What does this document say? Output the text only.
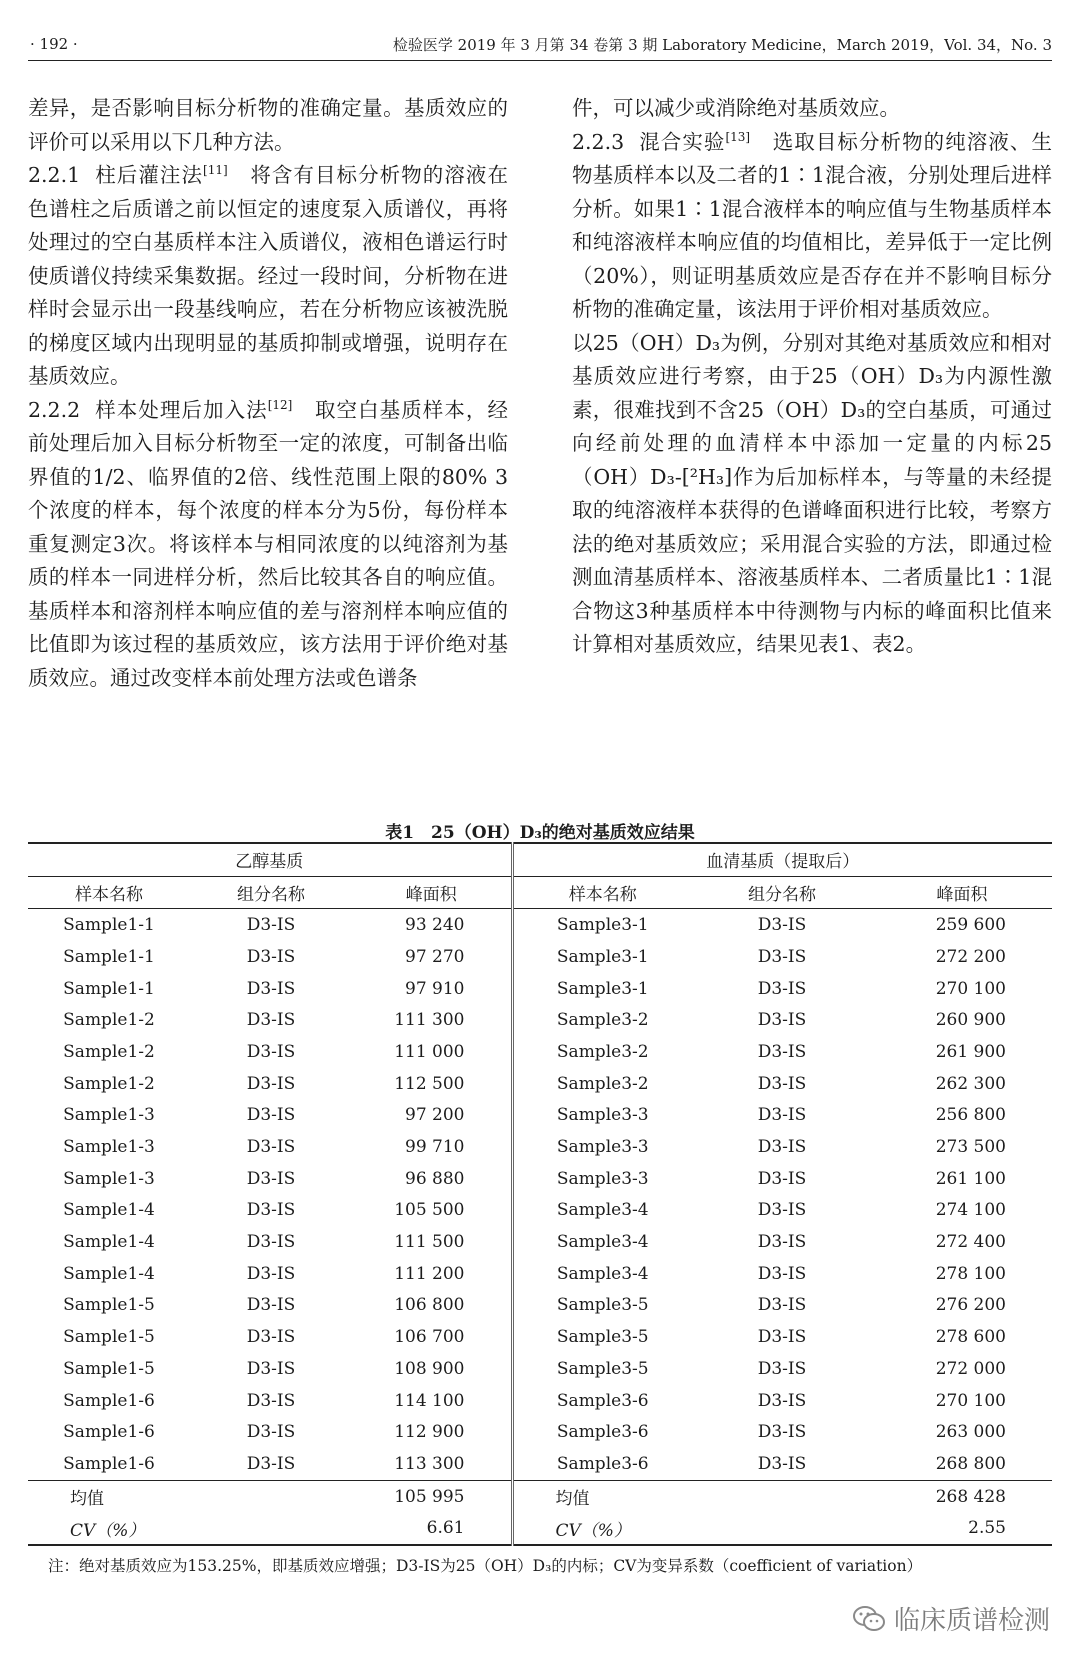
· 192 ·	检验医学 2019 年 3 月第 34 卷第 3 期 Laboratory Medicine，March 2019，Vol. 34，No. 3

差异，是否影响目标分析物的准确定量。基质效应的评价可以采用以下几种方法。

2.2.1 柱后灌注法[11]　 将含有目标分析物的溶液在色谱柱之后质谱之前以恒定的速度泵入质谱仪，再将处理过的空白基质样本注入质谱仪，液相色谱运行时使质谱仪持续采集数据。经过一段时间，分析物在进样时会显示出一段基线响应，若在分析物应该被洗脱的梯度区域内出现明显的基质抑制或增强，说明存在基质效应。

2.2.2 样本处理后加入法[12]　 取空白基质样本，经前处理后加入目标分析物至一定的浓度，可制备出临界值的1/2、临界值的2倍、线性范围上限的80% 3个浓度的样本，每个浓度的样本分为5份，每份样本重复测定3次。将该样本与相同浓度的以纯溶剂为基质的样本一同进样分析，然后比较其各自的响应值。基质样本和溶剂样本响应值的差与溶剂样本响应值的比值即为该过程的基质效应，该方法用于评价绝对基质效应。通过改变样本前处理方法或色谱条

件，可以减少或消除绝对基质效应。

2.2.3 混合实验[13]　 选取目标分析物的纯溶液、生物基质样本以及二者的1∶1混合液，分别处理后进样分析。如果1∶1混合液样本的响应值与生物基质样本和纯溶液样本响应值的均值相比，差异低于一定比例（20%），则证明基质效应是否存在并不影响目标分析物的准确定量，该法用于评价相对基质效应。

以25（OH）D₃为例，分别对其绝对基质效应和相对基质效应进行考察，由于25（OH）D₃为内源性激素，很难找到不含25（OH）D₃的空白基质，可通过向经前处理的血清样本中添加一定量的内标25（OH）D₃-[²H₃]作为后加标样本，与等量的未经提取的纯溶液样本获得的色谱峰面积进行比较，考察方法的绝对基质效应；采用混合实验的方法，即通过检测血清基质样本、溶液基质样本、二者质量比1∶1混合物这3种基质样本中待测物与内标的峰面积比值来计算相对基质效应，结果见表1、表2。

表1　25（OH）D₃的绝对基质效应结果
乙醇基质			血清基质（提取后）		
样本名称	组分名称	峰面积	样本名称	组分名称	峰面积
Sample1-1	D3-IS	93 240	Sample3-1	D3-IS	259 600
Sample1-1	D3-IS	97 270	Sample3-1	D3-IS	272 200
Sample1-1	D3-IS	97 910	Sample3-1	D3-IS	270 100
Sample1-2	D3-IS	111 300	Sample3-2	D3-IS	260 900
Sample1-2	D3-IS	111 000	Sample3-2	D3-IS	261 900
Sample1-2	D3-IS	112 500	Sample3-2	D3-IS	262 300
Sample1-3	D3-IS	97 200	Sample3-3	D3-IS	256 800
Sample1-3	D3-IS	99 710	Sample3-3	D3-IS	273 500
Sample1-3	D3-IS	96 880	Sample3-3	D3-IS	261 100
Sample1-4	D3-IS	105 500	Sample3-4	D3-IS	274 100
Sample1-4	D3-IS	111 500	Sample3-4	D3-IS	272 400
Sample1-4	D3-IS	111 200	Sample3-4	D3-IS	278 100
Sample1-5	D3-IS	106 800	Sample3-5	D3-IS	276 200
Sample1-5	D3-IS	106 700	Sample3-5	D3-IS	278 600
Sample1-5	D3-IS	108 900	Sample3-5	D3-IS	272 000
Sample1-6	D3-IS	114 100	Sample3-6	D3-IS	270 100
Sample1-6	D3-IS	112 900	Sample3-6	D3-IS	263 000
Sample1-6	D3-IS	113 300	Sample3-6	D3-IS	268 800
均值		105 995	均值		268 428
CV（%）		6.61	CV（%）		2.55
注：绝对基质效应为153.25%，即基质效应增强；D3-IS为25（OH）D₃的内标；CV为变异系数（coefficient of variation）
临床质谱检测
